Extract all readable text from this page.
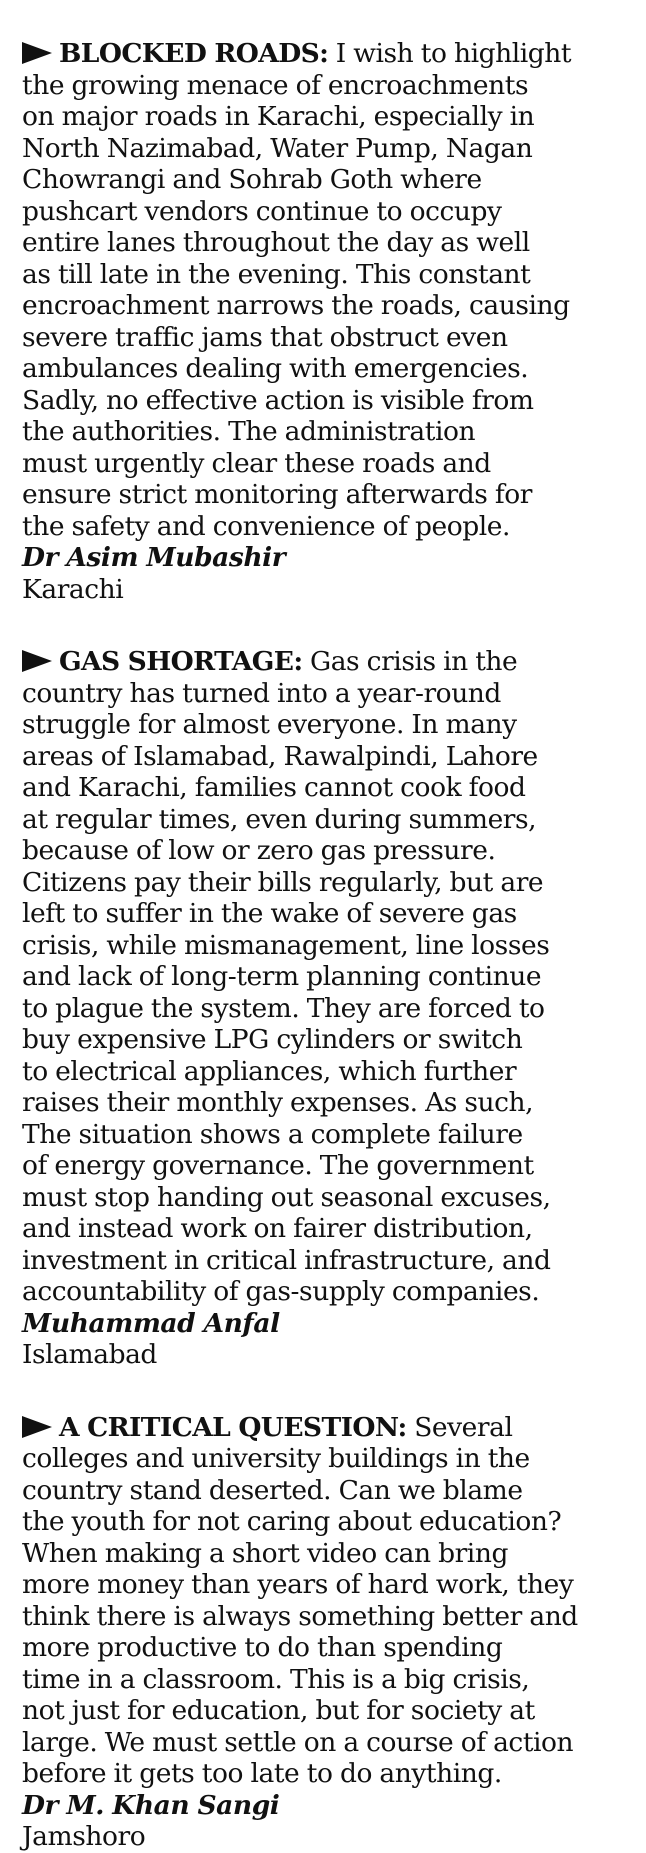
BLOCKED ROADS: I wish to highlight
the growing menace of encroachments
on major roads in Karachi, especially in
North Nazimabad, Water Pump, Nagan
Chowrangi and Sohrab Goth where
pushcart vendors continue to occupy
entire lanes throughout the day as well
as till late in the evening. This constant
encroachment narrows the roads, causing
severe traffic jams that obstruct even
ambulances dealing with emergencies.
Sadly, no effective action is visible from
the authorities. The administration
must urgently clear these roads and
ensure strict monitoring afterwards for
the safety and convenience of people.
Dr Asim Mubashir
Karachi
GAS SHORTAGE: Gas crisis in the
country has turned into a year-round
struggle for almost everyone. In many
areas of Islamabad, Rawalpindi, Lahore
and Karachi, families cannot cook food
at regular times, even during summers,
because of low or zero gas pressure.
Citizens pay their bills regularly, but are
left to suffer in the wake of severe gas
crisis, while mismanagement, line losses
and lack of long-term planning continue
to plague the system. They are forced to
buy expensive LPG cylinders or switch
to electrical appliances, which further
raises their monthly expenses. As such,
The situation shows a complete failure
of energy governance. The government
must stop handing out seasonal excuses,
and instead work on fairer distribution,
investment in critical infrastructure, and
accountability of gas-supply companies.
Muhammad Anfal
Islamabad
A CRITICAL QUESTION: Several
colleges and university buildings in the
country stand deserted. Can we blame
the youth for not caring about education?
When making a short video can bring
more money than years of hard work, they
think there is always something better and
more productive to do than spending
time in a classroom. This is a big crisis,
not just for education, but for society at
large. We must settle on a course of action
before it gets too late to do anything.
Dr M. Khan Sangi
Jamshoro
